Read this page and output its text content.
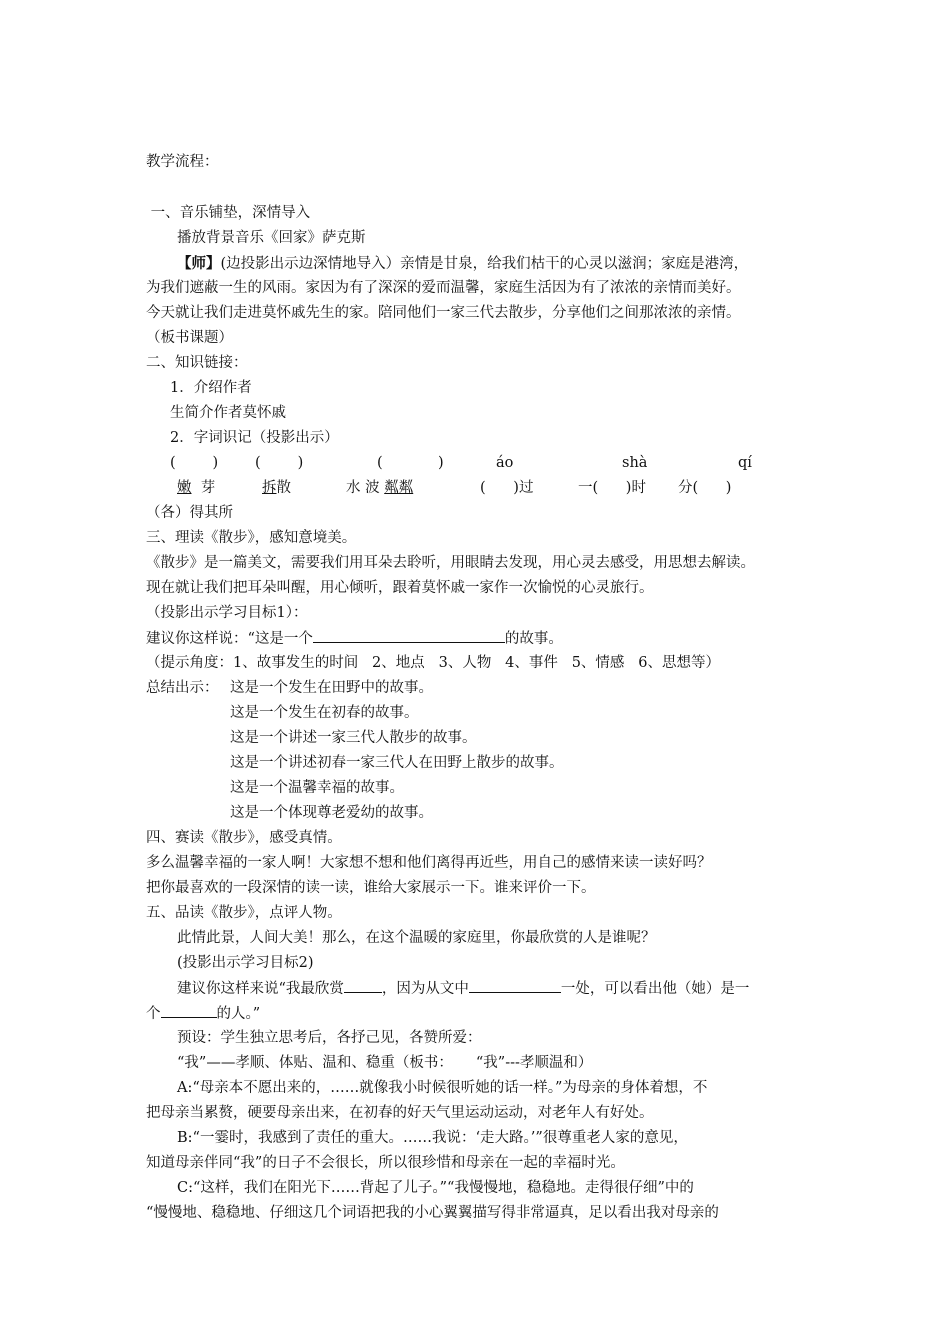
教学流程：
一、音乐铺垫，深情导入
播放背景音乐《回家》萨克斯
【师】(边投影出示边深情地导入）亲情是甘泉，给我们枯干的心灵以滋润；家庭是港湾，
为我们遮蔽一生的风雨。家因为有了深深的爱而温馨，家庭生活因为有了浓浓的亲情而美好。
今天就让我们走进莫怀戚先生的家。陪同他们一家三代去散步，分享他们之间那浓浓的亲情。
（板书课题）
二、知识链接：
1．介绍作者
生简介作者莫怀戚
2．字词识记（投影出示）
(        )        (        )                (            )	áo	shà	qí
嫩  芽	拆散	水 波 粼粼	(      )过	一(      )时 分(      )
（各）得其所
三、理读《散步》，感知意境美。
《散步》是一篇美文，需要我们用耳朵去聆听，用眼睛去发现，用心灵去感受，用思想去解读。
现在就让我们把耳朵叫醒，用心倾听，跟着莫怀戚一家作一次愉悦的心灵旅行。
（投影出示学习目标1）：
建议你这样说：“这是一个	的故事。
（提示角度：1、故事发生的时间   2、地点   3、人物   4、事件   5、情感   6、思想等）
总结出示： 这是一个发生在田野中的故事。
这是一个发生在初春的故事。
这是一个讲述一家三代人散步的故事。
这是一个讲述初春一家三代人在田野上散步的故事。
这是一个温馨幸福的故事。
这是一个体现尊老爱幼的故事。
四、赛读《散步》，感受真情。
多么温馨幸福的一家人啊！大家想不想和他们离得再近些，用自己的感情来读一读好吗？
把你最喜欢的一段深情的读一读，谁给大家展示一下。谁来评价一下。
五、品读《散步》，点评人物。
此情此景，人间大美！那么，在这个温暖的家庭里，你最欣赏的人是谁呢？
(投影出示学习目标2)
建议你这样来说“我最欣赏	，因为从文中	一处，可以看出他（她）是一
个	的人。”
预设：学生独立思考后，各抒己见，各赞所爱：
“我”——孝顺、体贴、温和、稳重（板书：     “我”---孝顺温和）
A:“母亲本不愿出来的，……就像我小时候很听她的话一样。”为母亲的身体着想，不
把母亲当累赘，硬要母亲出来，在初春的好天气里运动运动，对老年人有好处。
B:“一霎时，我感到了责任的重大。……我说：‘走大路。’”很尊重老人家的意见，
知道母亲伴同“我”的日子不会很长，所以很珍惜和母亲在一起的幸福时光。
C:“这样，我们在阳光下……背起了儿子。”“我慢慢地，稳稳地。走得很仔细”中的
“慢慢地、稳稳地、仔细这几个词语把我的小心翼翼描写得非常逼真，足以看出我对母亲的
